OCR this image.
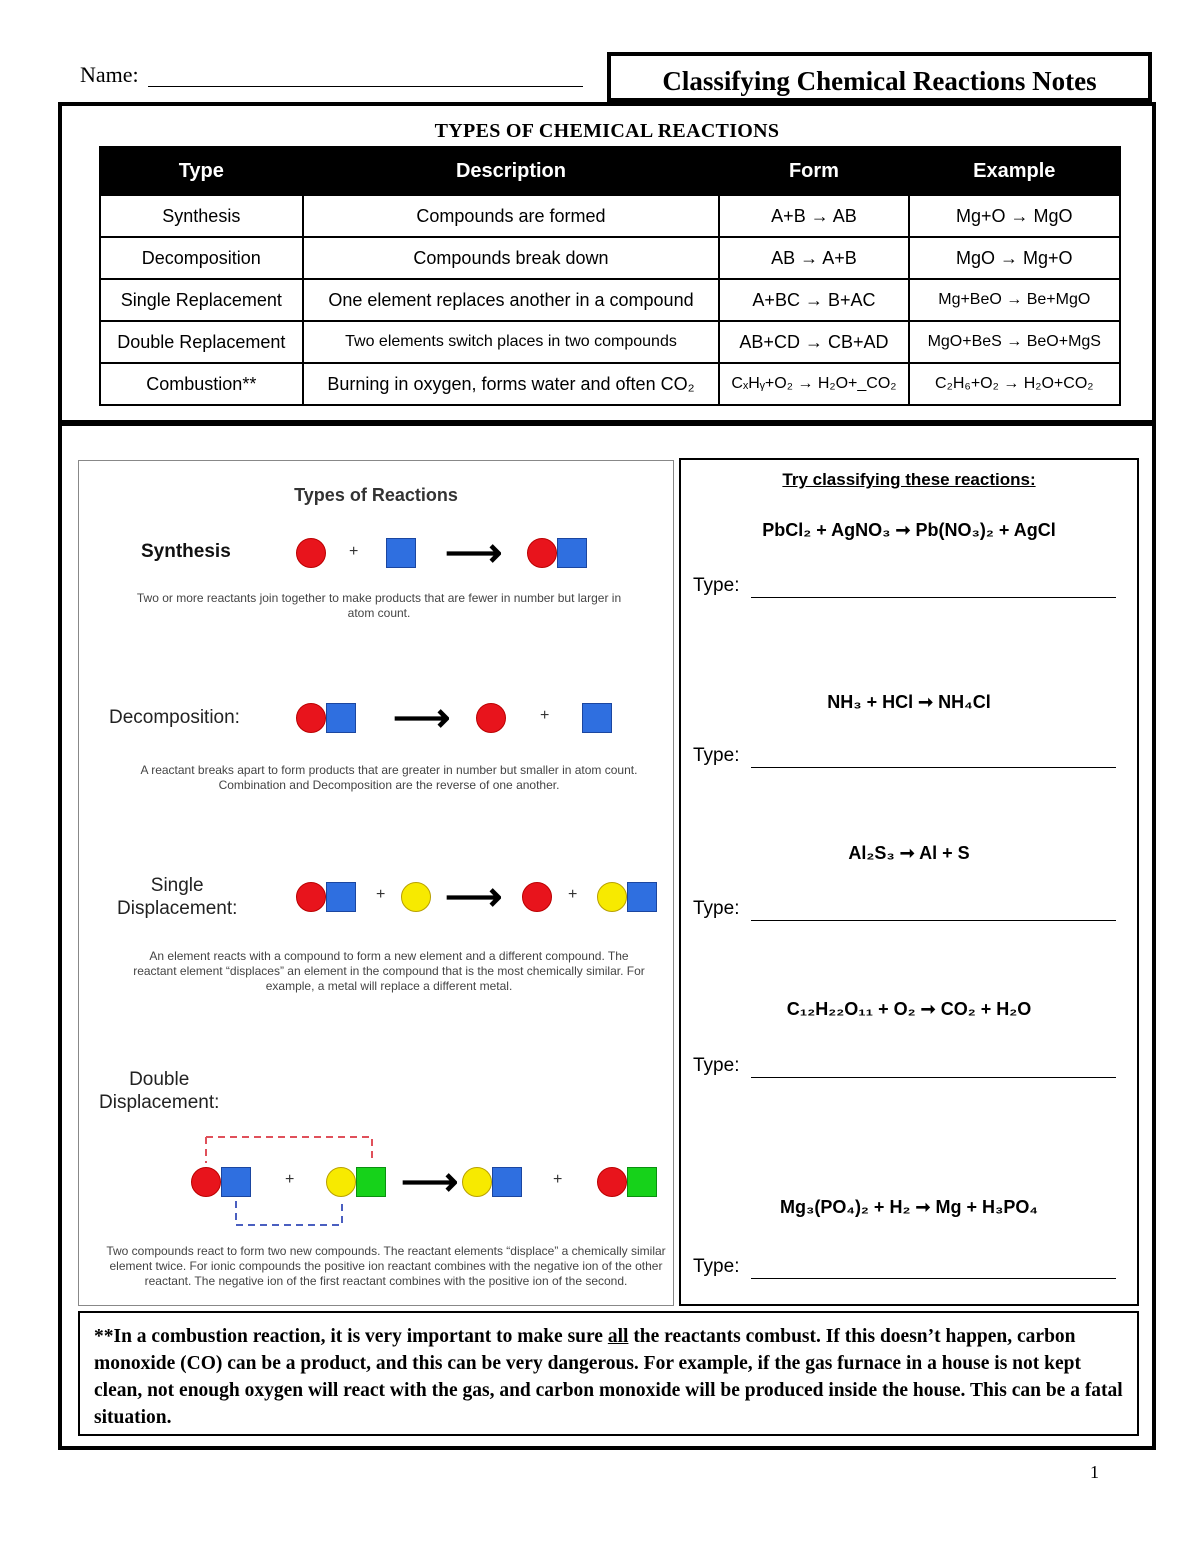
Name:	Classifying Chemical Reactions Notes
TYPES OF CHEMICAL REACTIONS
Type	Description	Form	Example
Synthesis	Compounds are formed	A+B → AB	Mg+O → MgO
Decomposition	Compounds break down	AB → A+B	MgO → Mg+O
Single Replacement	One element replaces another in a compound	A+BC → B+AC	Mg+BeO → Be+MgO
Double Replacement	Two elements switch places in two compounds	AB+CD → CB+AD	MgO+BeS → BeO+MgS
Combustion**	Burning in oxygen, forms water and often CO₂	CₓHᵧ+O₂ → H₂O+_CO₂	C₂H₆+O₂ → H₂O+CO₂
Types of Reactions
Synthesis	+ ⟶
Two or more reactants join together to make products that are fewer in number but larger in atom count.
Decomposition:	⟶	+
A reactant breaks apart to form products that are greater in number but smaller in atom count. Combination and Decomposition are the reverse of one another.
Single
Displacement:
+ ⟶	+
An element reacts with a compound to form a new element and a different compound. The reactant element “displaces” an element in the compound that is the most chemically similar. For example, a metal will replace a different metal.
Double
Displacement:
+	⟶	+
Two compounds react to form two new compounds. The reactant elements “displace” a chemically similar element twice. For ionic compounds the positive ion reactant combines with the negative ion of the other reactant. The negative ion of the first reactant combines with the positive ion of the second.
Try classifying these reactions:
PbCl₂ + AgNO₃ ➞ Pb(NO₃)₂ + AgCl
Type:
NH₃ + HCl ➞ NH₄Cl
Type:
Al₂S₃ ➞ Al + S
Type:
C₁₂H₂₂O₁₁ + O₂ ➞ CO₂ + H₂O
Type:
Mg₃(PO₄)₂ + H₂ ➞ Mg + H₃PO₄
Type:
**In a combustion reaction, it is very important to make sure all the reactants combust. If this doesn’t happen, carbon monoxide (CO) can be a product, and this can be very dangerous. For example, if the gas furnace in a house is not kept clean, not enough oxygen will react with the gas, and carbon monoxide will be produced inside the house. This can be a fatal situation.
1
